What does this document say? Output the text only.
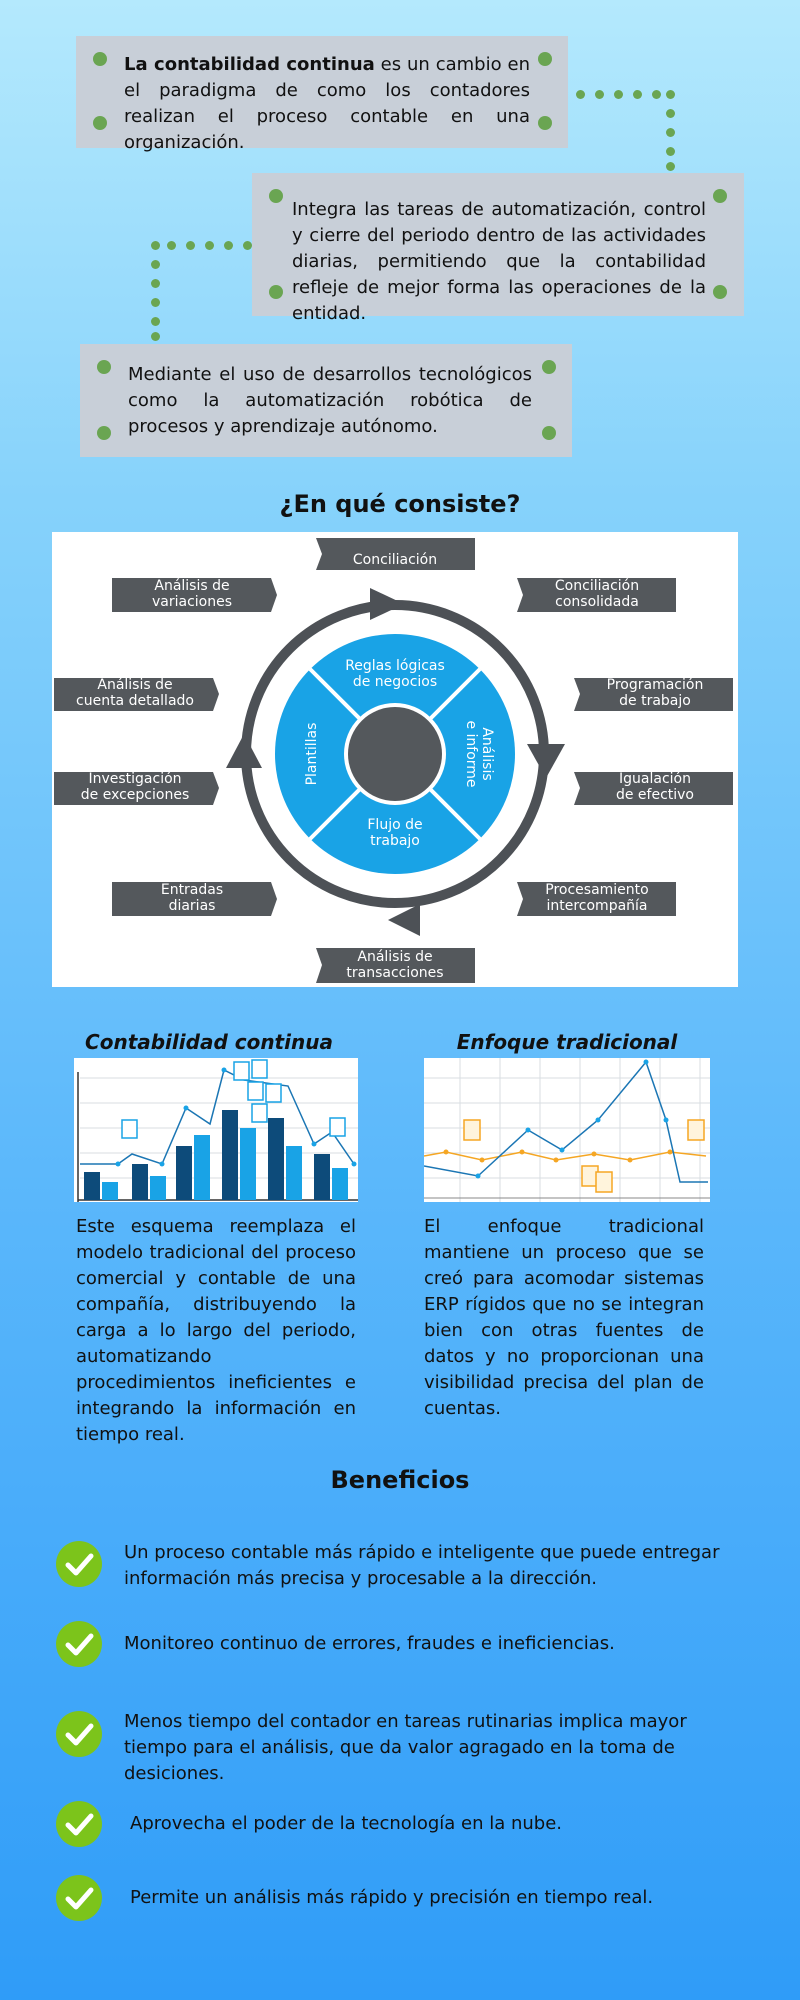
La contabilidad continua es un cambio en el paradigma de como los contadores realizan el proceso contable en una organización.

Integra las tareas de automatización, control y cierre del periodo dentro de las actividades diarias, permitiendo que la contabilidad refleje de mejor forma las operaciones de la entidad.

Mediante el uso de desarrollos tecnológicos como la automatización robótica de procesos y aprendizaje autónomo.

¿En qué consiste?
Reglas lógicas de negocios
Flujo de trabajo
Plantillas	Análisise informe
Conciliación
Conciliación consolidada
Programación de trabajo
Igualación de efectivo
Procesamiento intercompañía
Análisis de transacciones
Entradas diarias
Investigación de excepciones
Análisis de cuenta detallado
Análisis de variaciones
Contabilidad continua	Enfoque tradicional

Este esquema reemplaza el modelo tradicional del proceso comercial y contable de una compañía, distribuyendo la carga a lo largo del periodo, automatizando procedimientos ineficientes e integrando la información en tiempo real.

El enfoque tradicional mantiene un proceso que se creó para acomodar sistemas ERP rígidos que no se integran bien con otras fuentes de datos y no proporcionan una visibilidad precisa del plan de cuentas.

Beneficios

Un proceso contable más rápido e inteligente que puede entregar información más precisa y procesable a la dirección.

Monitoreo continuo de errores, fraudes e ineficiencias.

Menos tiempo del contador en tareas rutinarias implica mayor tiempo para el análisis, que da valor agragado en la toma de desiciones.

Aprovecha el poder de la tecnología en la nube.

Permite un análisis más rápido y precisión en tiempo real.
